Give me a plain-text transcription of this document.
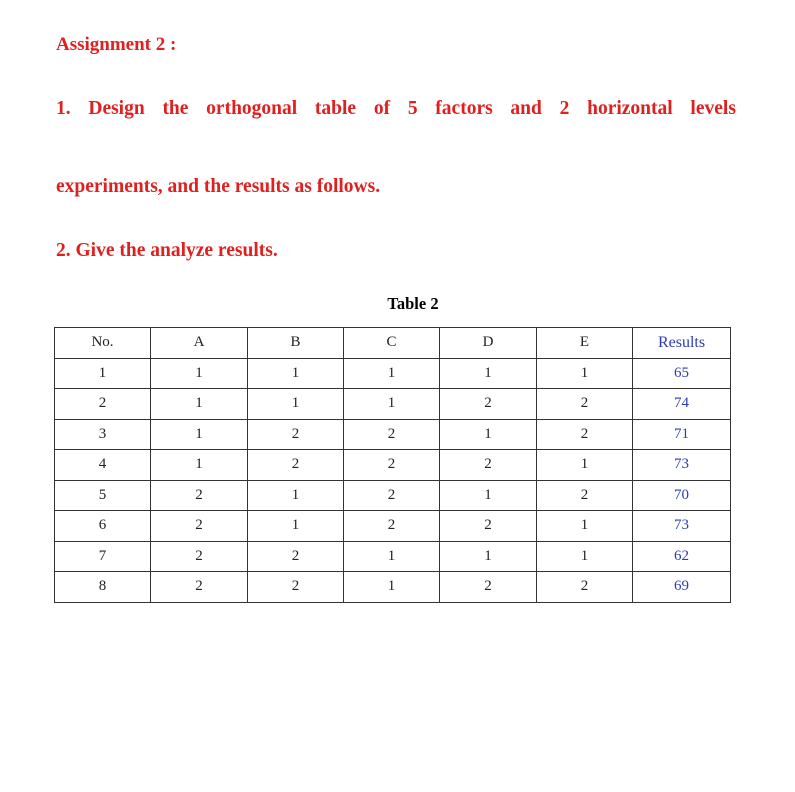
Assignment 2 :

1. Design the orthogonal table of 5 factors and 2 horizontal levels

experiments, and the results as follows.

2. Give the analyze results.

Table 2

No.	A	B	C	D	E	Results
1	1	1	1	1	1	65
2	1	1	1	2	2	74
3	1	2	2	1	2	71
4	1	2	2	2	1	73
5	2	1	2	1	2	70
6	2	1	2	2	1	73
7	2	2	1	1	1	62
8	2	2	1	2	2	69
